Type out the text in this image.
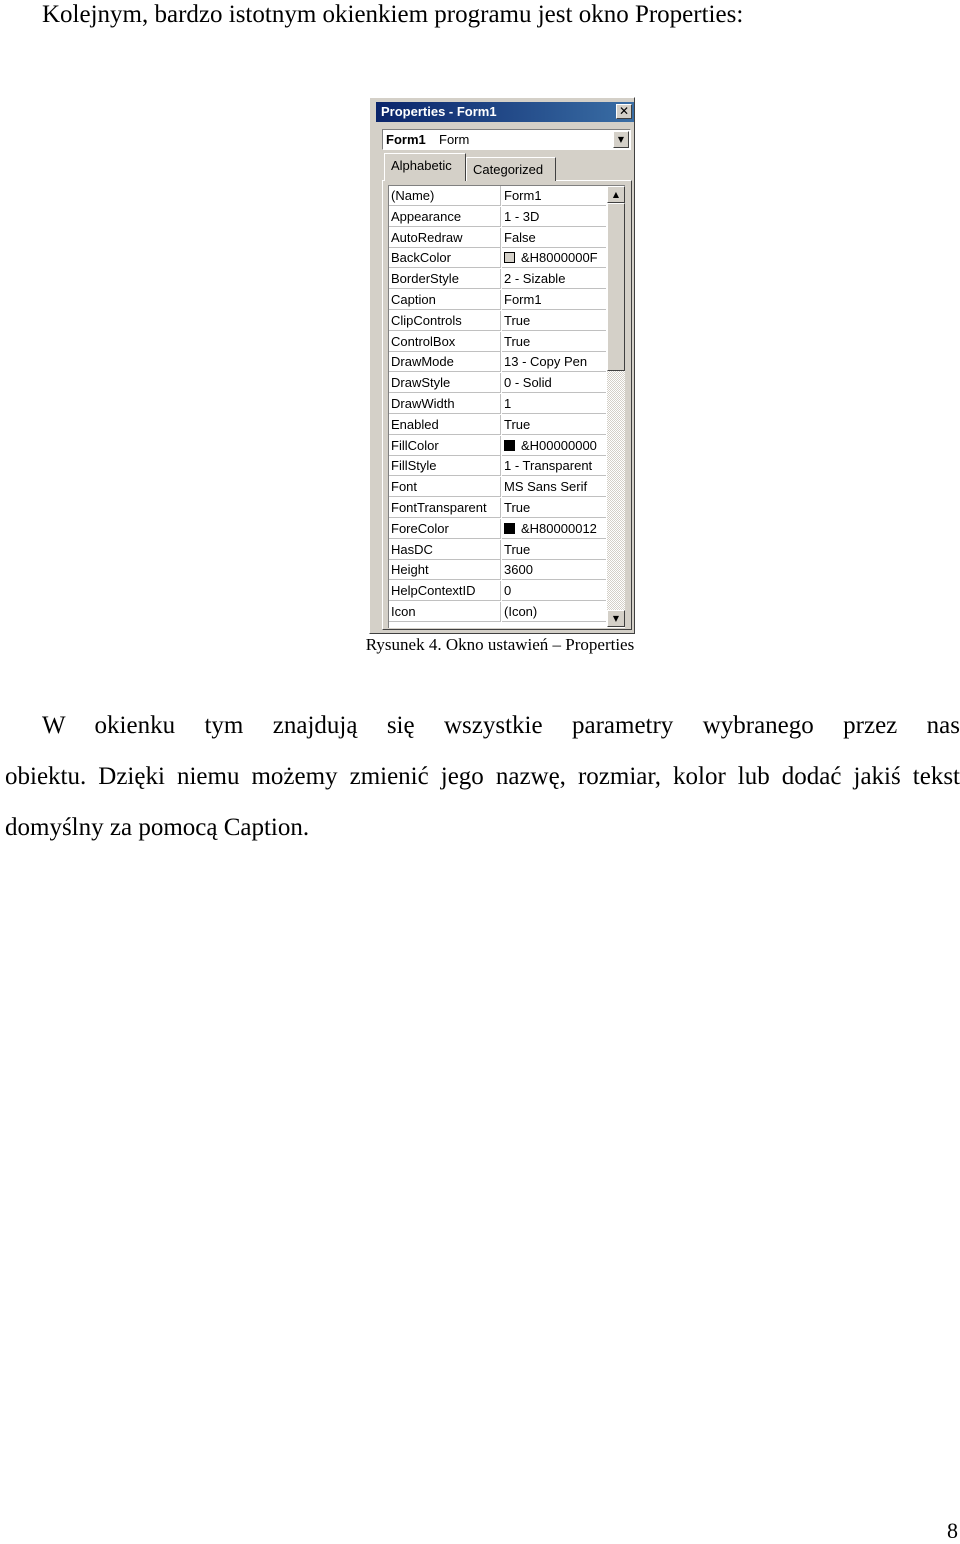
Kolejnym, bardzo istotnym okienkiem programu jest okno Properties:
Properties - Form1	✕
Form1 Form	▼
Alphabetic	Categorized
Icon	(Icon)
HelpContextID	0
Height	3600
HasDC	True
ForeColor	&H80000012
FontTransparent	True
Font	MS Sans Serif
FillStyle	1 - Transparent
FillColor	&H00000000
Enabled	True
DrawWidth	1
DrawStyle	0 - Solid
DrawMode	13 - Copy Pen
ControlBox	True
ClipControls	True
Caption	Form1
BorderStyle	2 - Sizable
BackColor	&H8000000F
AutoRedraw	False
Appearance	1 - 3D
(Name)	Form1	▲
▼
Rysunek 4. Okno ustawień – Properties
W okienku tym znajdują się wszystkie parametry wybranego przez nas
obiektu. Dzięki niemu możemy zmienić jego nazwę, rozmiar, kolor lub dodać jakiś tekst domyślny za pomocą Caption.
8
